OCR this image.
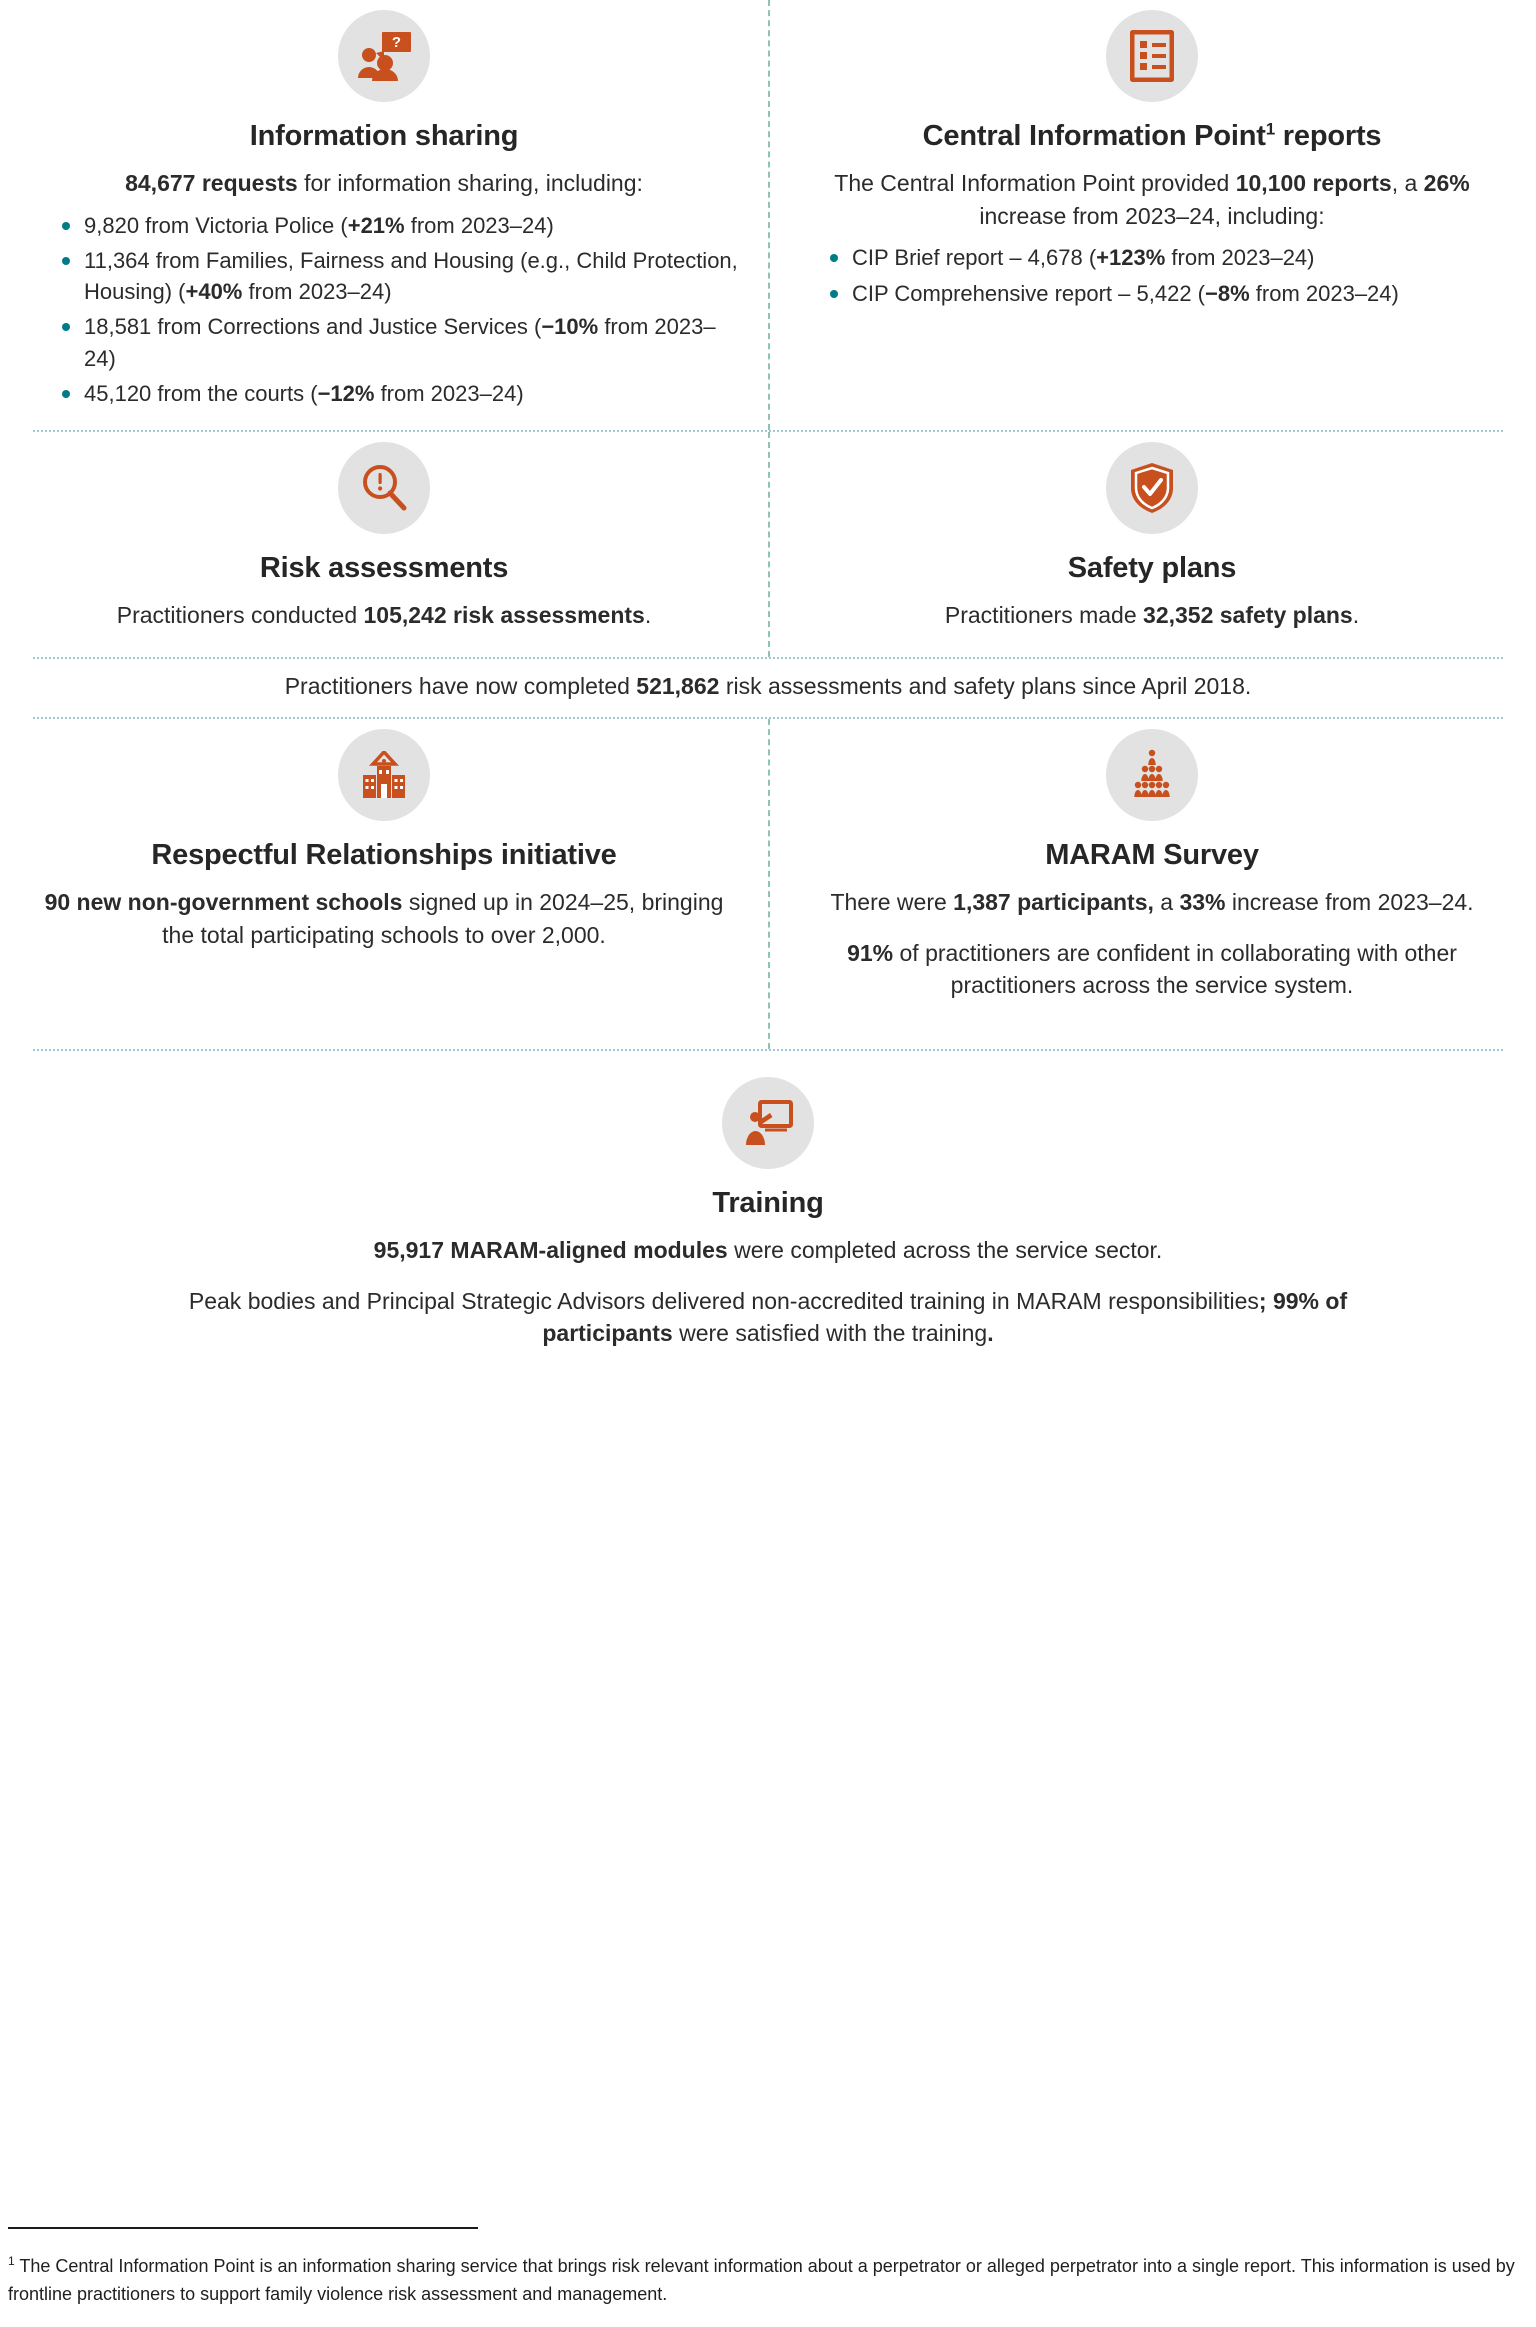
?
Information sharing

84,677 requests for information sharing, including:

9,820 from Victoria Police (+21% from 2023–24)
11,364 from Families, Fairness and Housing (e.g., Child Protection, Housing) (+40% from 2023–24)
18,581 from Corrections and Justice Services (−10% from 2023–24)
45,120 from the courts (−12% from 2023–24)
Central Information Point$^1$ reports

The Central Information Point provided 10,100 reports, a 26% increase from 2023–24, including:

CIP Brief report – 4,678 (+123% from 2023–24)
CIP Comprehensive report – 5,422 (−8% from 2023–24)
Risk assessments

Practitioners conducted 105,242 risk assessments.

Safety plans

Practitioners made 32,352 safety plans.

Practitioners have now completed 521,862 risk assessments and safety plans since April 2018.
Respectful Relationships initiative

90 new non-government schools signed up in 2024–25, bringing the total participating schools to over 2,000.

MARAM Survey

There were 1,387 participants, a 33% increase from 2023–24.

91% of practitioners are confident in collaborating with other practitioners across the service system.

Training

95,917 MARAM-aligned modules were completed across the service sector.

Peak bodies and Principal Strategic Advisors delivered non-accredited training in MARAM responsibilities; 99% of participants were satisfied with the training.

$^1$ The Central Information Point is an information sharing service that brings risk relevant information about a perpetrator or alleged perpetrator into a single report. This information is used by frontline practitioners to support family violence risk assessment and management.
